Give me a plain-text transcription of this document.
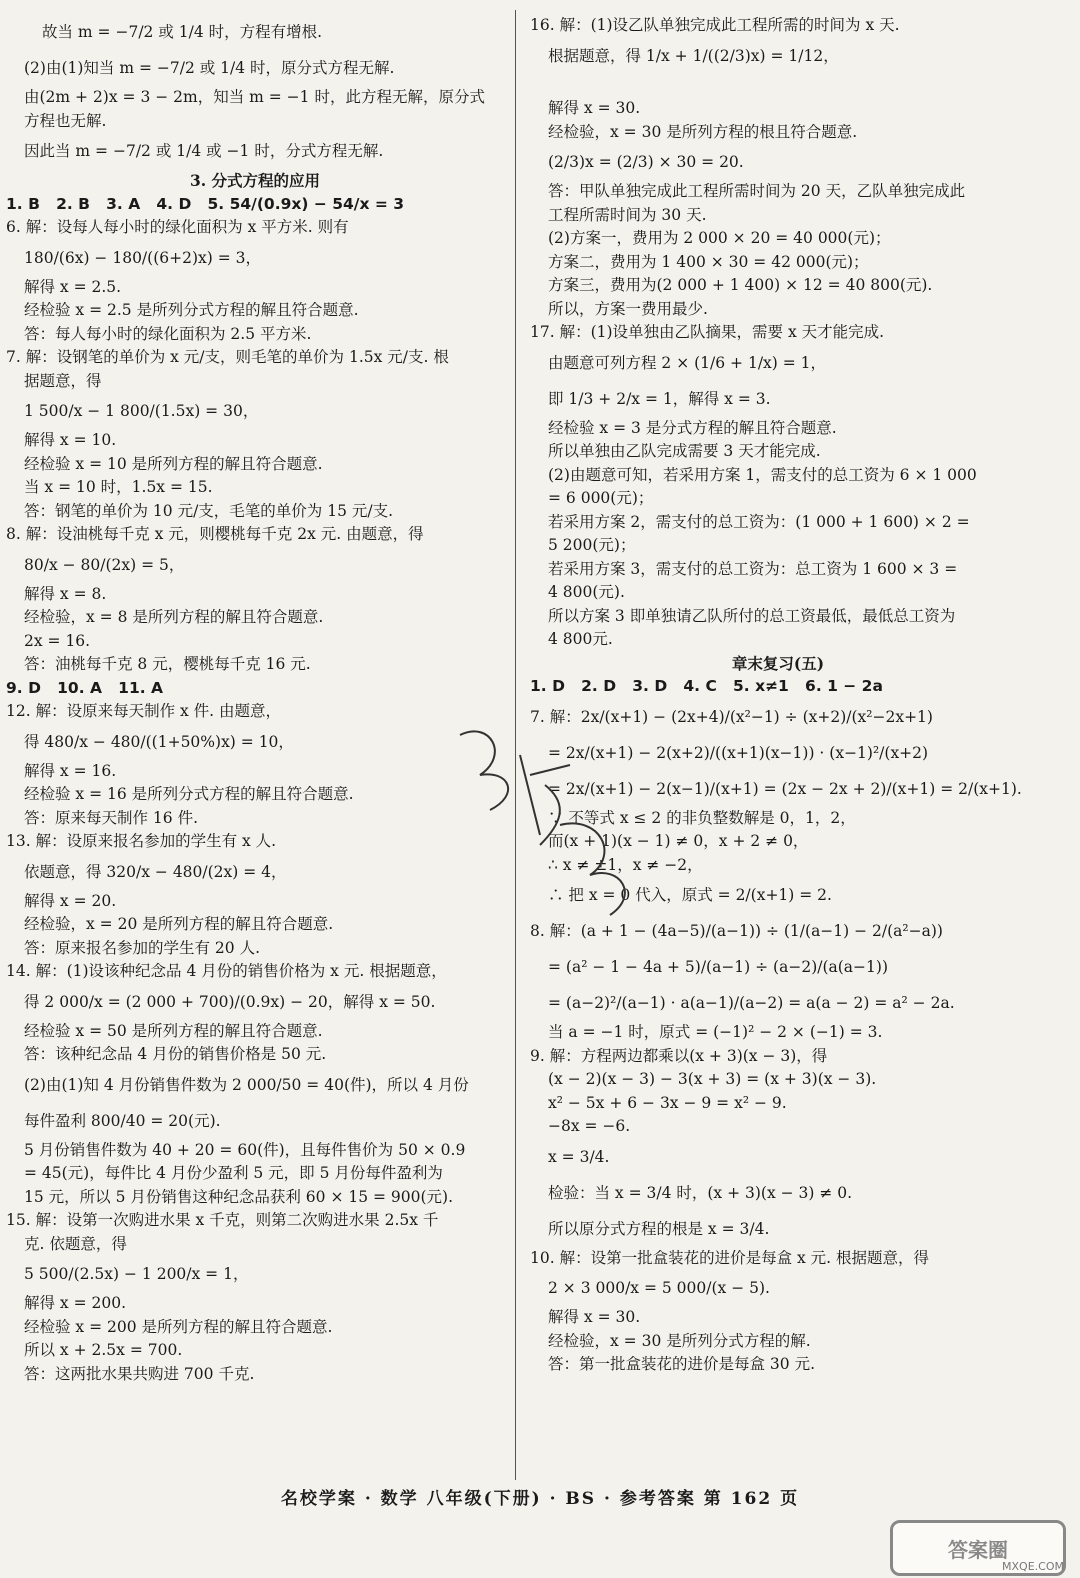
故当 m = −7/2 或 1/4 时，方程有增根.
(2)由(1)知当 m = −7/2 或 1/4 时，原分式方程无解.
由(2m + 2)x = 3 − 2m，知当 m = −1 时，此方程无解，原分式
方程也无解.
因此当 m = −7/2 或 1/4 或 −1 时，分式方程无解.
3. 分式方程的应用
1. B   2. B   3. A   4. D   5. 54/(0.9x) − 54/x = 3
6. 解：设每人每小时的绿化面积为 x 平方米. 则有
180/(6x) − 180/((6+2)x) = 3，
解得 x = 2.5.
经检验 x = 2.5 是所列分式方程的解且符合题意.
答：每人每小时的绿化面积为 2.5 平方米.
7. 解：设钢笔的单价为 x 元/支，则毛笔的单价为 1.5x 元/支. 根
据题意，得
1 500/x − 1 800/(1.5x) = 30，
解得 x = 10.
经检验 x = 10 是所列方程的解且符合题意.
当 x = 10 时，1.5x = 15.
答：钢笔的单价为 10 元/支，毛笔的单价为 15 元/支.
8. 解：设油桃每千克 x 元，则樱桃每千克 2x 元. 由题意，得
80/x − 80/(2x) = 5，
解得 x = 8.
经检验，x = 8 是所列方程的解且符合题意.
2x = 16.
答：油桃每千克 8 元，樱桃每千克 16 元.
9. D   10. A   11. A
12. 解：设原来每天制作 x 件. 由题意，
得 480/x − 480/((1+50%)x) = 10，
解得 x = 16.
经检验 x = 16 是所列分式方程的解且符合题意.
答：原来每天制作 16 件.
13. 解：设原来报名参加的学生有 x 人.
依题意，得 320/x − 480/(2x) = 4，
解得 x = 20.
经检验，x = 20 是所列方程的解且符合题意.
答：原来报名参加的学生有 20 人.
14. 解：(1)设该种纪念品 4 月份的销售价格为 x 元. 根据题意，
得 2 000/x = (2 000 + 700)/(0.9x) − 20，解得 x = 50.
经检验 x = 50 是所列方程的解且符合题意.
答：该种纪念品 4 月份的销售价格是 50 元.
(2)由(1)知 4 月份销售件数为 2 000/50 = 40(件)，所以 4 月份
每件盈利 800/40 = 20(元).
5 月份销售件数为 40 + 20 = 60(件)，且每件售价为 50 × 0.9
= 45(元)，每件比 4 月份少盈利 5 元，即 5 月份每件盈利为
15 元，所以 5 月份销售这种纪念品获利 60 × 15 = 900(元).
15. 解：设第一次购进水果 x 千克，则第二次购进水果 2.5x 千
克. 依题意，得
5 500/(2.5x) − 1 200/x = 1，
解得 x = 200.
经检验 x = 200 是所列方程的解且符合题意.
所以 x + 2.5x = 700.
答：这两批水果共购进 700 千克.
16. 解：(1)设乙队单独完成此工程所需的时间为 x 天.
根据题意，得 1/x + 1/((2/3)x) = 1/12，
解得 x = 30.
经检验，x = 30 是所列方程的根且符合题意.
(2/3)x = (2/3) × 30 = 20.
答：甲队单独完成此工程所需时间为 20 天，乙队单独完成此
工程所需时间为 30 天.
(2)方案一，费用为 2 000 × 20 = 40 000(元)；
方案二，费用为 1 400 × 30 = 42 000(元)；
方案三，费用为(2 000 + 1 400) × 12 = 40 800(元).
所以，方案一费用最少.
17. 解：(1)设单独由乙队摘果，需要 x 天才能完成.
由题意可列方程 2 × (1/6 + 1/x) = 1，
即 1/3 + 2/x = 1，解得 x = 3.
经检验 x = 3 是分式方程的解且符合题意.
所以单独由乙队完成需要 3 天才能完成.
(2)由题意可知，若采用方案 1，需支付的总工资为 6 × 1 000
= 6 000(元)；
若采用方案 2，需支付的总工资为：(1 000 + 1 600) × 2 =
5 200(元)；
若采用方案 3，需支付的总工资为：总工资为 1 600 × 3 =
4 800(元).
所以方案 3 即单独请乙队所付的总工资最低，最低总工资为
4 800元.
章末复习(五)
1. D   2. D   3. D   4. C   5. x≠1   6. 1 − 2a
7. 解：2x/(x+1) − (2x+4)/(x²−1) ÷ (x+2)/(x²−2x+1)
= 2x/(x+1) − 2(x+2)/((x+1)(x−1)) · (x−1)²/(x+2)
= 2x/(x+1) − 2(x−1)/(x+1) = (2x − 2x + 2)/(x+1) = 2/(x+1).
∵ 不等式 x ≤ 2 的非负整数解是 0，1，2，
而(x + 1)(x − 1) ≠ 0，x + 2 ≠ 0，
∴ x ≠ ±1，x ≠ −2，
∴ 把 x = 0 代入，原式 = 2/(x+1) = 2.
8. 解：(a + 1 − (4a−5)/(a−1)) ÷ (1/(a−1) − 2/(a²−a))
= (a² − 1 − 4a + 5)/(a−1) ÷ (a−2)/(a(a−1))
= (a−2)²/(a−1) · a(a−1)/(a−2) = a(a − 2) = a² − 2a.
当 a = −1 时，原式 = (−1)² − 2 × (−1) = 3.
9. 解：方程两边都乘以(x + 3)(x − 3)，得
(x − 2)(x − 3) − 3(x + 3) = (x + 3)(x − 3).
x² − 5x + 6 − 3x − 9 = x² − 9.
−8x = −6.
x = 3/4.
检验：当 x = 3/4 时，(x + 3)(x − 3) ≠ 0.
所以原分式方程的根是 x = 3/4.
10. 解：设第一批盒装花的进价是每盒 x 元. 根据题意，得
2 × 3 000/x = 5 000/(x − 5).
解得 x = 30.
经检验，x = 30 是所列分式方程的解.
答：第一批盒装花的进价是每盒 30 元.
名校学案 · 数学 八年级(下册) · BS · 参考答案 第 162 页
答案圈
MXQE.COM
